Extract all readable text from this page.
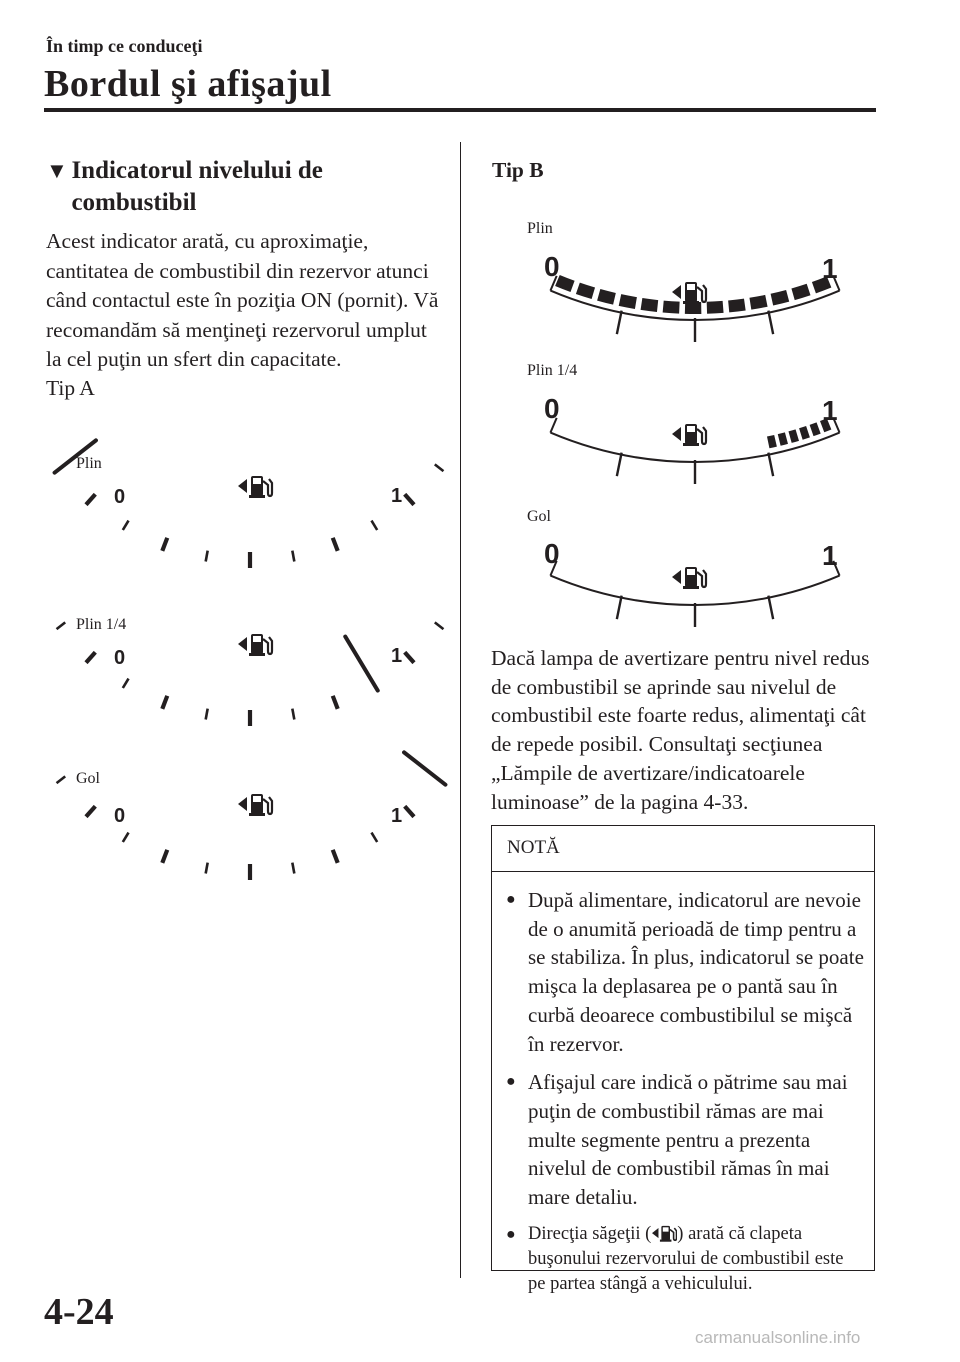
În timp ce conduceţi
Bordul şi afişajul
▼ Indicatorul nivelului de combustibil

Acest indicator arată, cu aproximaţie, cantitatea de combustibil din rezervor atunci când contactul este în poziţia ON (pornit). Vă recomandăm să menţineţi rezervorul umplut la cel puţin un sfert din capacitate.

Tip A
Plin
0	1
Plin 1/4
0	1
Gol
0	1
Tip B
Plin
0	1
Plin 1/4
0	1
Gol
0	1

Dacă lampa de avertizare pentru nivel redus de combustibil se aprinde sau nivelul de combustibil este foarte redus, alimentaţi cât de repede posibil. Consultaţi secţiunea „Lămpile de avertizare/indicatoarele luminoase” de la pagina 4-33.

NOTĂ
● După alimentare, indicatorul are nevoie de o anumită perioadă de timp pentru a se stabiliza. În plus, indicatorul se poate mişca la deplasarea pe o pantă sau în curbă deoarece combustibilul se mişcă în rezervor.
● Afişajul care indică o pătrime sau mai puţin de combustibil rămas are mai multe segmente pentru a prezenta nivelul de combustibil rămas în mai mare detaliu.
● Direcţia săgeţii ( ) arată că clapeta buşonului rezervorului de combustibil este pe partea stângă a vehiculului.
4-24
carmanualsonline.info
